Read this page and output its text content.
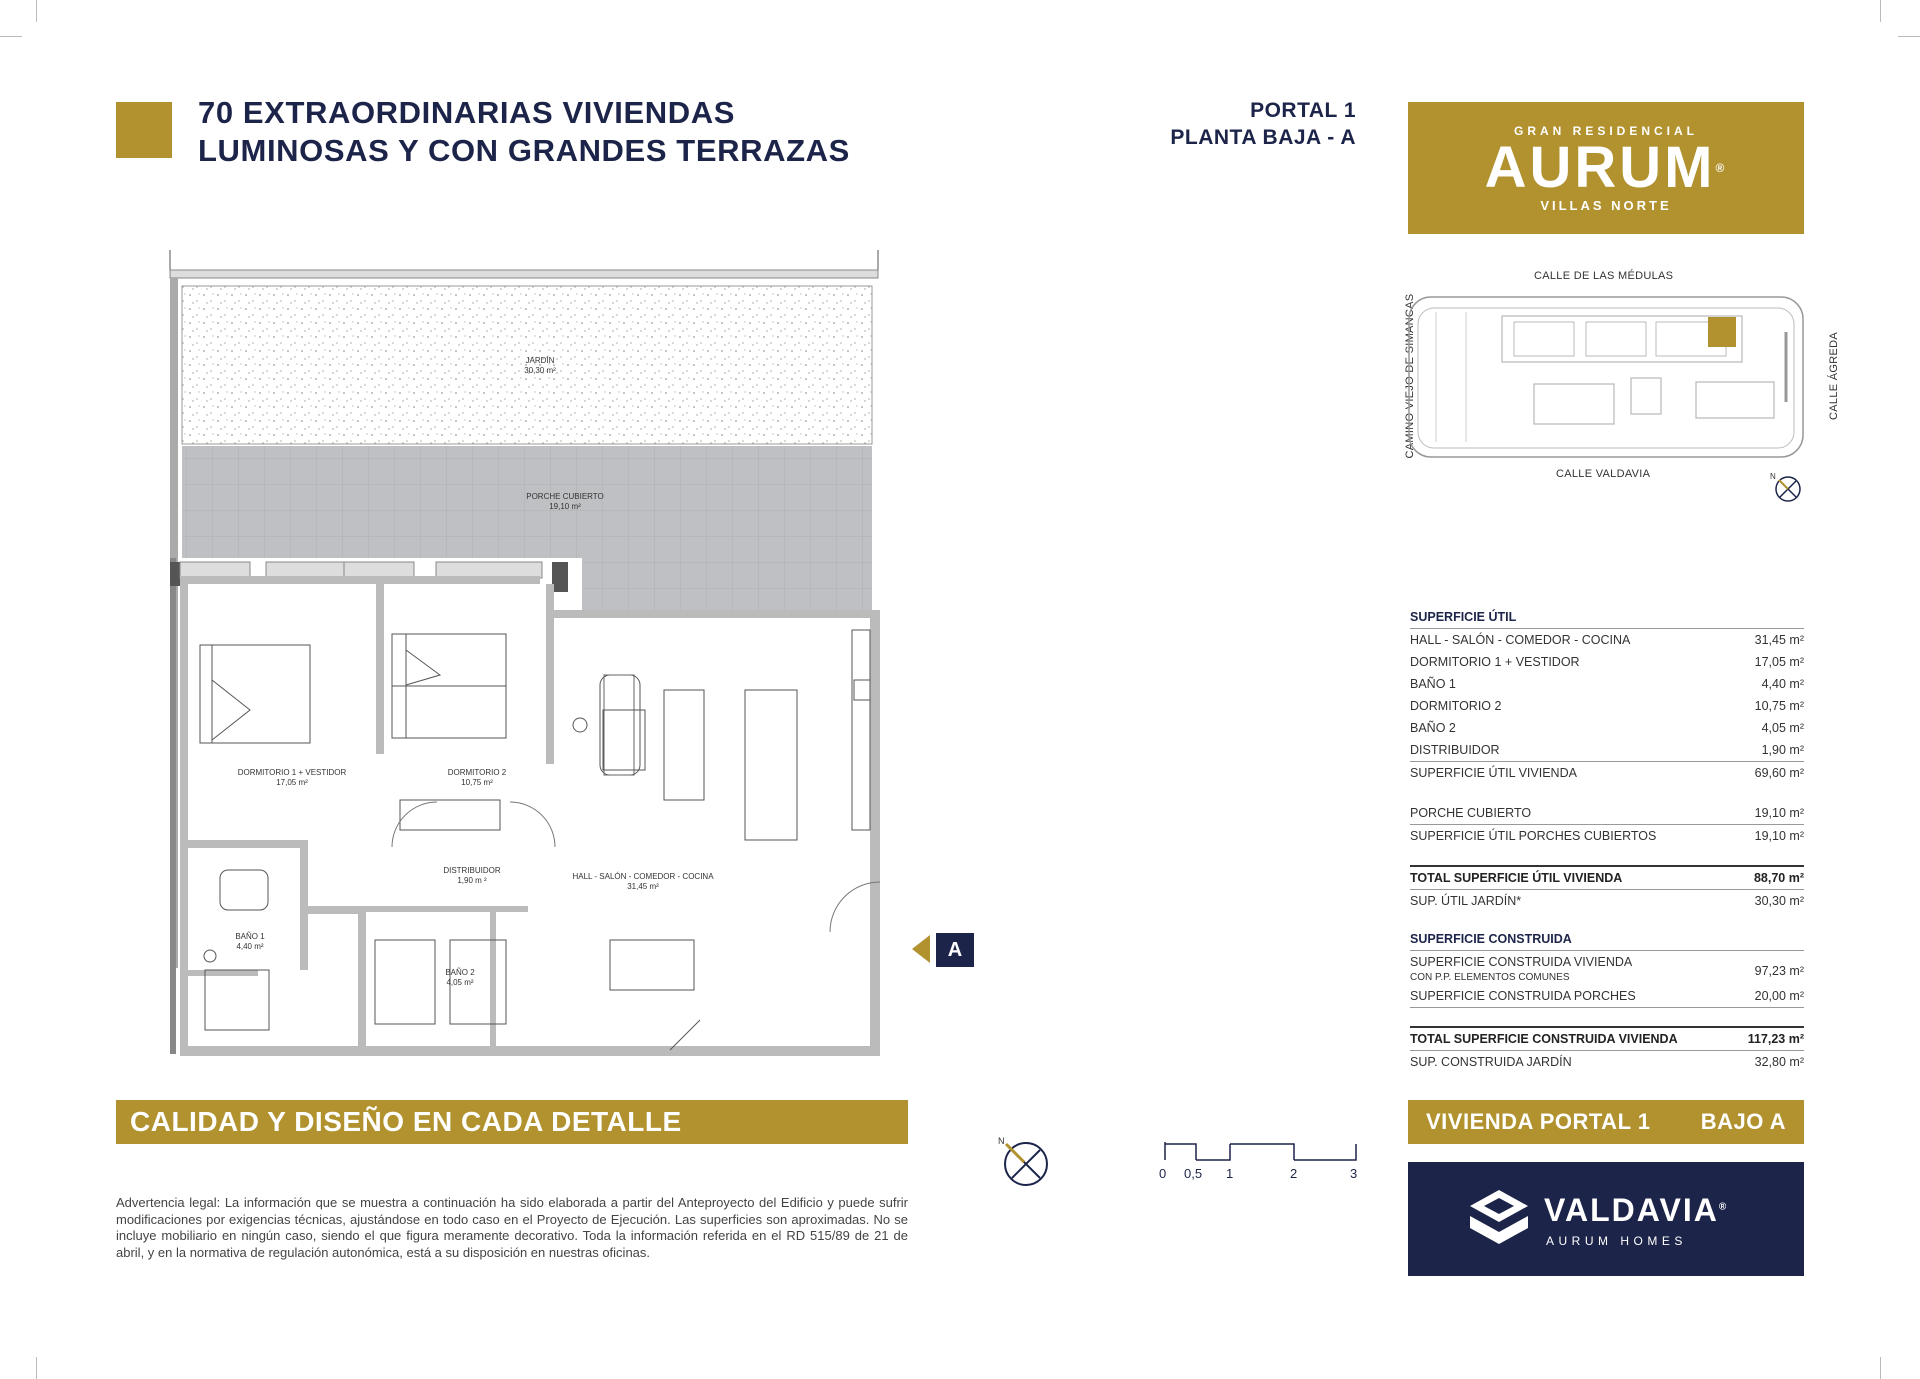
70 EXTRAORDINARIAS VIVIENDAS
LUMINOSAS Y CON GRANDES TERRAZAS
PORTAL 1
PLANTA BAJA - A	GRAN RESIDENCIAL
AURUM®
VILLAS NORTE
CALLE DE LAS MÉDULAS
CALLE VALDAVIA
CAMINO VIEJO DE SIMANCAS	CALLE ÁGREDA
N
JARDÍN
30,30 m²
PORCHE CUBIERTO
19,10 m²
DORMITORIO 1 + VESTIDOR
17,05 m²
DORMITORIO 2
10,75 m²
DISTRIBUIDOR
1,90 m ²	HALL - SALÓN - COMEDOR - COCINA
31,45 m²
BAÑO 1
4,40 m²
BAÑO 2
4,05 m²
A
SUPERFICIE ÚTIL
HALL - SALÓN - COMEDOR - COCINA	31,45 m²
DORMITORIO 1 + VESTIDOR	17,05 m²
BAÑO 1	4,40 m²
DORMITORIO 2	10,75 m²
BAÑO 2	4,05 m²
DISTRIBUIDOR	1,90 m²
SUPERFICIE ÚTIL VIVIENDA	69,60 m²
PORCHE CUBIERTO	19,10 m²
SUPERFICIE ÚTIL PORCHES CUBIERTOS	19,10 m²
TOTAL SUPERFICIE ÚTIL VIVIENDA	88,70 m²
SUP. ÚTIL JARDÍN*	30,30 m²
SUPERFICIE CONSTRUIDA
SUPERFICIE CONSTRUIDA VIVIENDA
CON P.P. ELEMENTOS COMUNES	97,23 m²
SUPERFICIE CONSTRUIDA PORCHES	20,00 m²
TOTAL SUPERFICIE CONSTRUIDA VIVIENDA	117,23 m²
SUP. CONSTRUIDA JARDÍN	32,80 m²
CALIDAD Y DISEÑO EN CADA DETALLE	VIVIENDA PORTAL 1 BAJO A
N
0 0,5 1	2	3
VALDAVIA®
AURUM HOMES
Advertencia legal: La información que se muestra a continuación ha sido elaborada a partir del Anteproyecto del Edificio y puede sufrir modificaciones por exigencias técnicas, ajustándose en todo caso en el Proyecto de Ejecución. Las superficies son aproximadas. No se incluye mobiliario en ningún caso, siendo el que figura meramente decorativo. Toda la información referida en el RD 515/89 de 21 de abril, y en la normativa de regulación autonómica, está a su disposición en nuestras oficinas.
